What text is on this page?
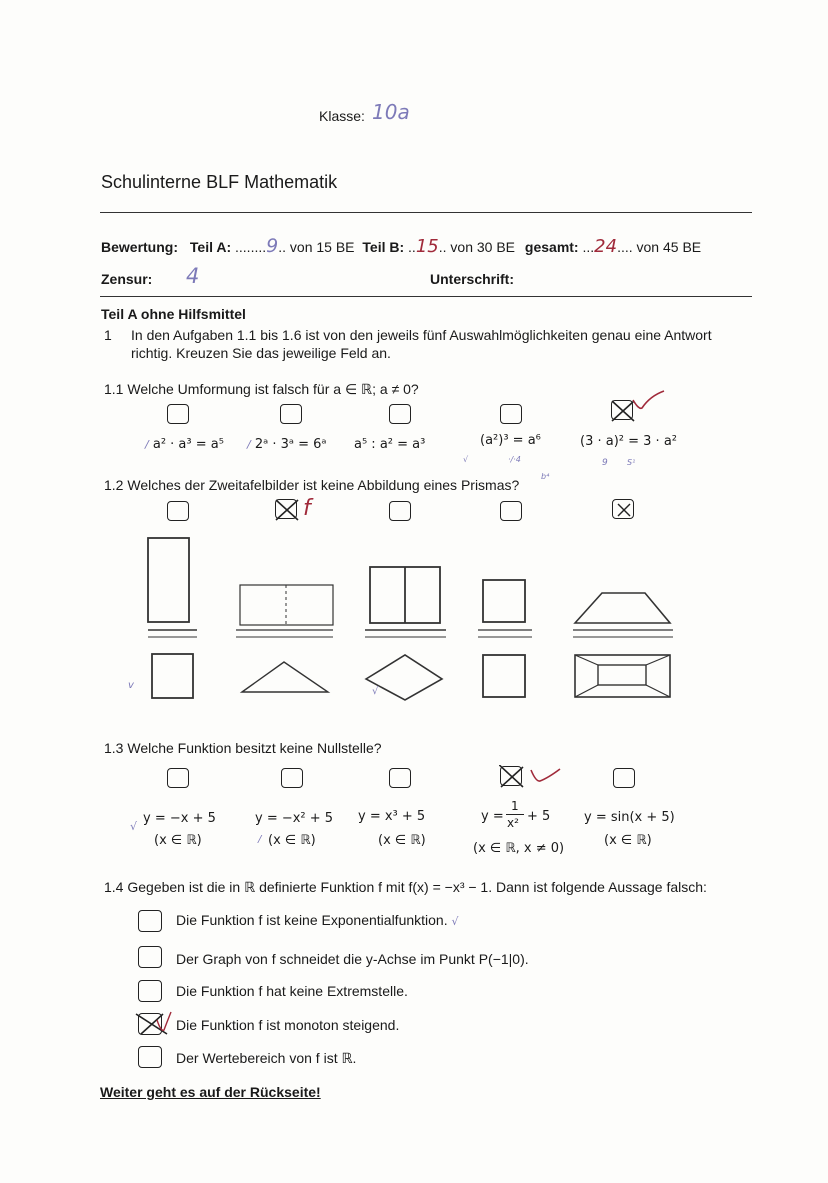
Klasse: 10a
Schulinterne BLF Mathematik
Bewertung: Teil A: ........9.. von 15 BE Teil B: ..15.. von 30 BE gesamt: ...24.... von 45 BE
Zensur: 4	Unterschrift:
Teil A ohne Hilfsmittel
1 In den Aufgaben 1.1 bis 1.6 ist von den jeweils fünf Auswahlmöglichkeiten genau eine Antwort
richtig. Kreuzen Sie das jeweilige Feld an.
1.1 Welche Umformung ist falsch für a ∈ ℝ; a ≠ 0?
/ a² · a³ = a⁵ / 2ᵃ · 3ᵃ = 6ᵃ a⁵ : a² = a³	(a²)³ = a⁶	(3 · a)² = 3 · a²
9 S¹
√	·/·4
b⁴
1.2 Welches der Zweitafelbilder ist keine Abbildung eines Prismas?
f
v
√
1.3 Welche Funktion besitzt keine Nullstelle?
√
y = −x + 5
(x ∈ ℝ)
y = −x² + 5
/ (x ∈ ℝ)
y = x³ + 5
(x ∈ ℝ)
y =
1
x² + 5
(x ∈ ℝ, x ≠ 0)
y = sin(x + 5)
(x ∈ ℝ)
1.4 Gegeben ist die in ℝ definierte Funktion f mit f(x) = −x³ − 1. Dann ist folgende Aussage falsch:
Die Funktion f ist keine Exponentialfunktion. √
Der Graph von f schneidet die y-Achse im Punkt P(−1|0).
Die Funktion f hat keine Extremstelle.
Die Funktion f ist monoton steigend.
Der Wertebereich von f ist ℝ.
Weiter geht es auf der Rückseite!
